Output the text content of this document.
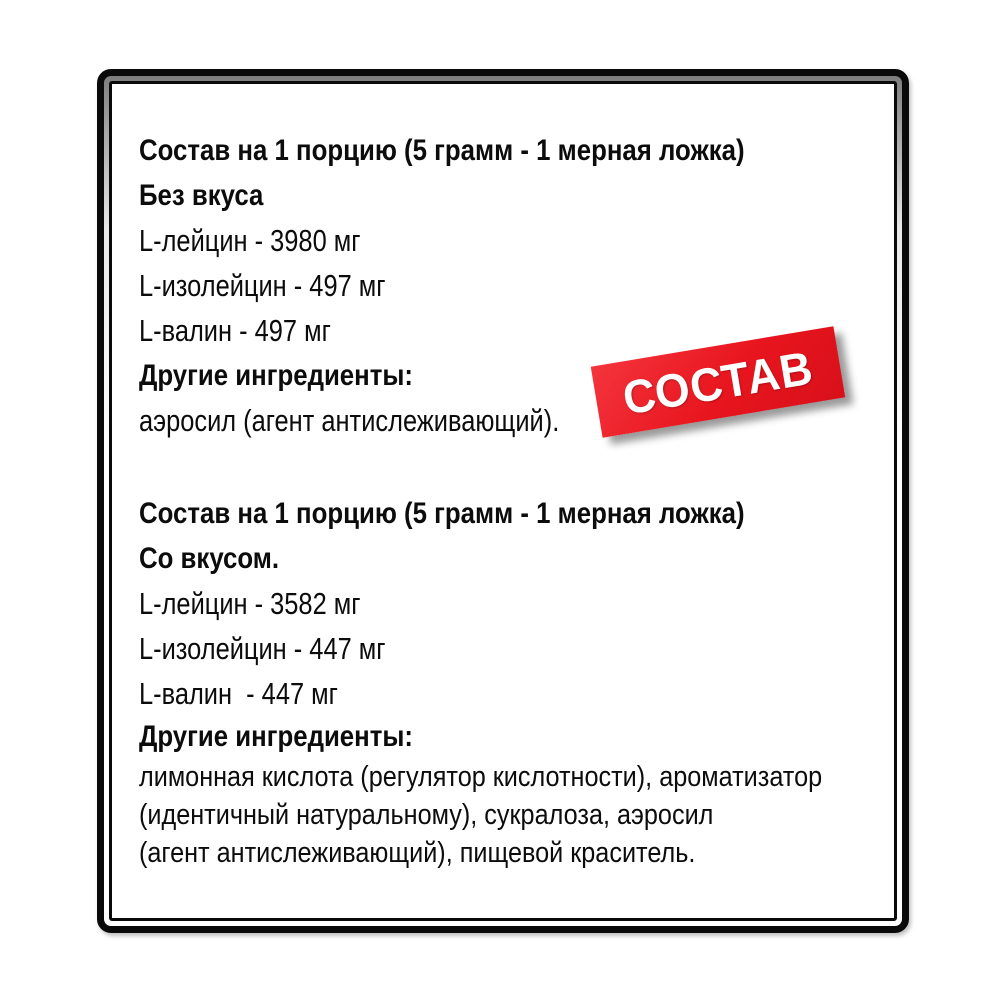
Состав на 1 порцию (5 грамм - 1 мерная ложка)
Без вкуса
L-лейцин - 3980 мг
L-изолейцин - 497 мг
L-валин - 497 мг
Другие ингредиенты:
аэросил (агент антислеживающий).
Состав на 1 порцию (5 грамм - 1 мерная ложка)
Со вкусом.
L-лейцин - 3582 мг
L-изолейцин - 447 мг
L-валин  - 447 мг
Другие ингредиенты:
лимонная кислота (регулятор кислотности), ароматизатор
(идентичный натуральному), сукралоза, аэросил
(агент антислеживающий), пищевой краситель.
СОСТАВ
